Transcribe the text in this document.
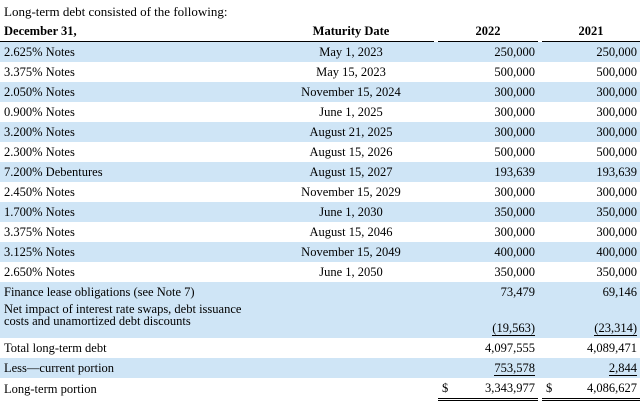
Long-term debt consisted of the following:
December 31,	Maturity Date		2022		2021
2.625% Notes	May 1, 2023		250,000		250,000
3.375% Notes	May 15, 2023		500,000		500,000
2.050% Notes	November 15, 2024		300,000		300,000
0.900% Notes	June 1, 2025		300,000		300,000
3.200% Notes	August 21, 2025		300,000		300,000
2.300% Notes	August 15, 2026		500,000		500,000
7.200% Debentures	August 15, 2027		193,639		193,639
2.450% Notes	November 15, 2029		300,000		300,000
1.700% Notes	June 1, 2030		350,000		350,000
3.375% Notes	August 15, 2046		300,000		300,000
3.125% Notes	November 15, 2049		400,000		400,000
2.650% Notes	June 1, 2050		350,000		350,000
Finance lease obligations (see Note 7)			73,479		69,146
Net impact of interest rate swaps, debt issuance costs and unamortized debt discounts			(19,563)		(23,314)
Total long-term debt			4,097,555		4,089,471
Less—current portion			753,578		2,844
Long-term portion			$ 3,343,977		$ 4,086,627
